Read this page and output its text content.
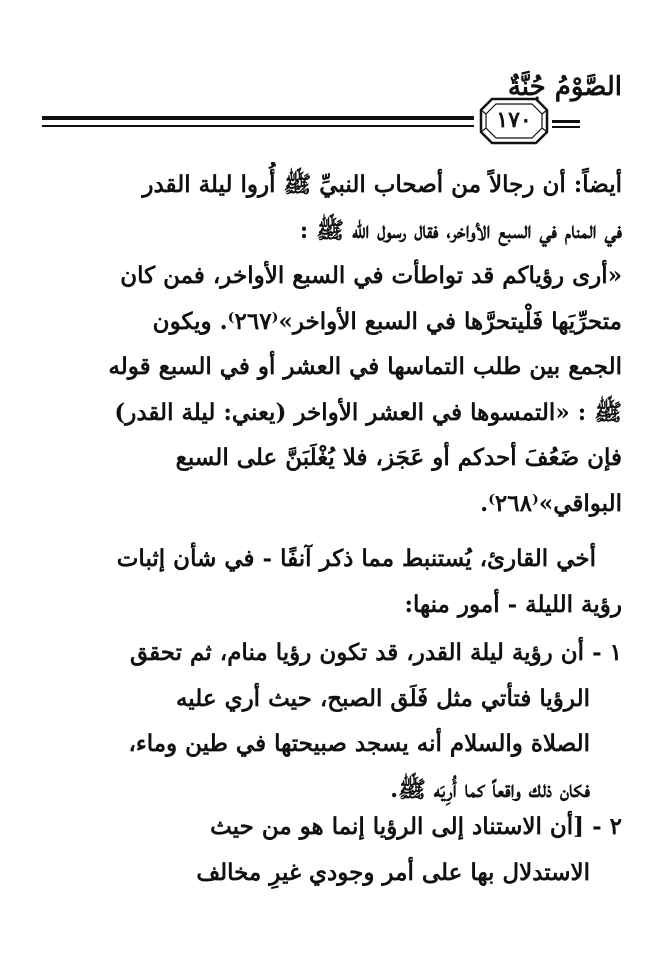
الصَّوْمُ جُنَّةٌ
١٧٠
أيضاً: أن رجالاً من أصحاب النبيِّ ﷺ أُروا ليلة القدر
في المنام في السبع الأواخر، فقال رسول الله ﷺ :
«أرى رؤياكم قد تواطأت في السبع الأواخر، فمن كان
متحرِّيَها فَلْيتحرَّها في السبع الأواخر»⁽٢٦٧⁾. ويكون
الجمع بين طلب التماسها في العشر أو في السبع قوله
ﷺ : «التمسوها في العشر الأواخر (يعني: ليلة القدر)
فإن ضَعُفَ أحدكم أو عَجَز، فلا يُغْلَبَنَّ على السبع
البواقي»⁽٢٦٨⁾.
أخي القارئ، يُستنبط مما ذكر آنفًا - في شأن إثبات
رؤية الليلة - أمور منها:
١ - أن رؤية ليلة القدر، قد تكون رؤيا منام، ثم تحقق
الرؤيا فتأتي مثل فَلَق الصبح، حيث أري عليه
الصلاة والسلام أنه يسجد صبيحتها في طين وماء،
فكان ذلك واقعاً كما أُرِيَه ﷺ.
٢ - [أن الاستناد إلى الرؤيا إنما هو من حيث
الاستدلال بها على أمر وجودي غيرِ مخالف
